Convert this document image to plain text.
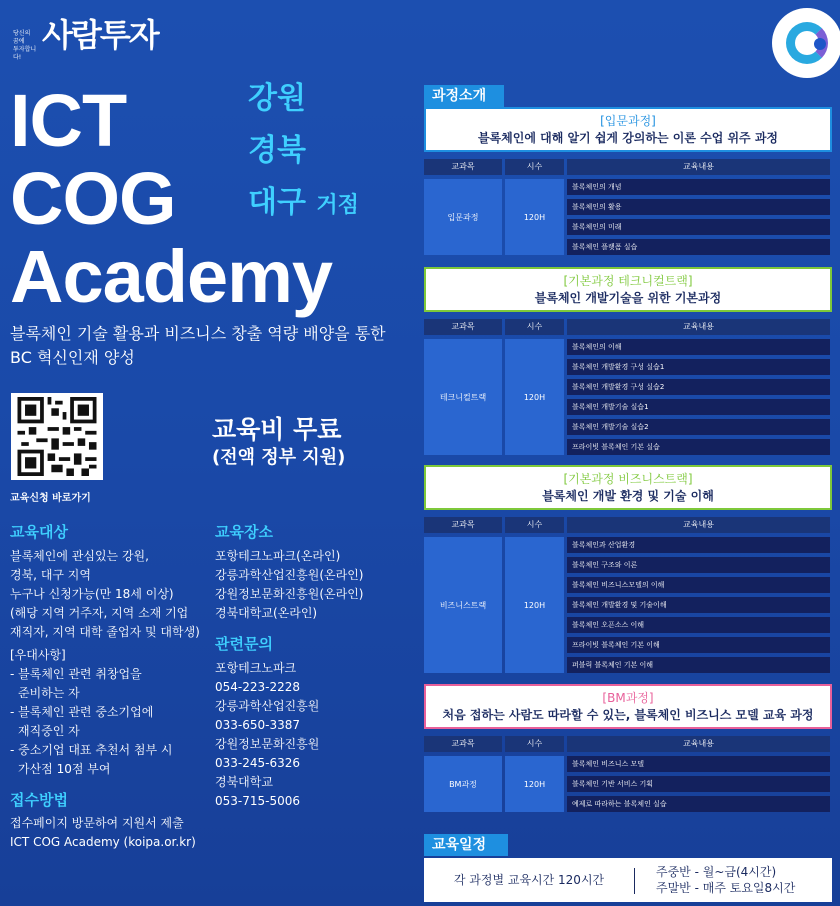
당신의
꿈에
투자합니다!
사람투자
ICT
COG
Academy
강원
경북
대구 거점
블록체인 기술 활용과 비즈니스 창출 역량 배양을 통한
BC 혁신인재 양성
교육신청 바로가기
교육비 무료
(전액 정부 지원)
교육대상
블록체인에 관심있는 강원,
경북, 대구 지역
누구나 신청가능(만 18세 이상)
(해당 지역 거주자, 지역 소재 기업
재직자, 지역 대학 졸업자 및 대학생)
[우대사항]
- 블록체인 관련 취창업을
준비하는 자
- 블록체인 관련 중소기업에
재직중인 자
- 중소기업 대표 추천서 첨부 시
가산점 10점 부여
접수방법
접수페이지 방문하여 지원서 제출
ICT COG Academy (koipa.or.kr)
교육장소
포항테크노파크(온라인)
강릉과학산업진흥원(온라인)
강원정보문화진흥원(온라인)
경북대학교(온라인)
관련문의
포항테크노파크
054-223-2228
강릉과학산업진흥원
033-650-3387
강원정보문화진흥원
033-245-6326
경북대학교
053-715-5006
과정소개
[입문과정]
블록체인에 대해 알기 쉽게 강의하는 이론 수업 위주 과정
교과목	시수	교육내용
입문과정	120H
블록체인의 개념
블록체인의 활용
블록체인의 미래
블록체인 플랫폼 실습
[기본과정 테크니컬트랙]
블록체인 개발기술을 위한 기본과정
교과목	시수	교육내용
테크니컬트랙	120H
블록체인의 이해
블록체인 개발환경 구성 실습1
블록체인 개발환경 구성 실습2
블록체인 개발기술 실습1
블록체인 개발기술 실습2
프라이빗 블록체인 기본 실습
[기본과정 비즈니스트랙]
블록체인 개발 환경 및 기술 이해
교과목	시수	교육내용
비즈니스트랙	120H
블록체인과 산업환경
블록체인 구조와 이론
블록체인 비즈니스모델의 이해
블록체인 개발환경 및 기술이해
블록체인 오픈소스 이해
프라이빗 블록체인 기본 이해
퍼블릭 블록체인 기본 이해
[BM과정]
처음 접하는 사람도 따라할 수 있는, 블록체인 비즈니스 모델 교육 과정
교과목	시수	교육내용
BM과정	120H
블록체인 비즈니스 모델
블록체인 기반 서비스 기획
예제로 따라하는 블록체인 실습
교육일정
각 과정별 교육시간 120시간
주중반 - 월~금(4시간)
주말반 - 매주 토요일8시간
